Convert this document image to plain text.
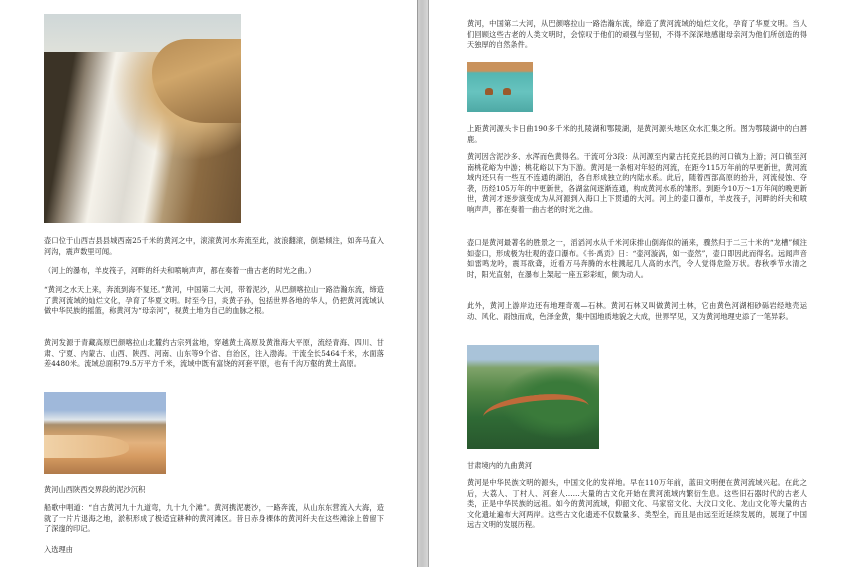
壶口位于山西吉县县城西南25千米的黄河之中，滚滚黄河水奔流至此，波浪翻滚，倒悬倾注，如奔马直入河沟，震声数里可闻。

（河上的瀑布，羊皮筏子，河畔的纤夫和喷响声声，都在奏着一曲古老的时光之曲。）

“黄河之水天上来，奔流到海不复还。”黄河，中国第二大河，带着泥沙，从巴颜喀拉山一路浩瀚东流，缔造了黄河流域的灿烂文化，孕育了华夏文明。时至今日，炎黄子孙，包括世界各地的华人，仍把黄河流域认做中华民族的摇篮，称黄河为“母亲河”，视黄土地为自己的血脉之根。

黄河发源于青藏高原巴颜喀拉山北麓约古宗列盆地，穿越黄土高原及黄淮海大平原，流经青海、四川、甘肃、宁夏、内蒙古、山西、陕西、河南、山东等9个省、自治区，注入渤海。干流全长5464千米，水面落差4480米。流域总面积79.5万平方千米，流域中既有富饶的河套平原，也有千沟万壑的黄土高原。

黄河山西陕西交界段的泥沙沉积

船歌中唱道：“自古黄河九十九道弯，九十九个滩”。黄河携泥裹沙，一路奔流，从山东东营流入大海，造就了一片片退海之地，淤积形成了极适宜耕种的黄河滩区。昔日赤身裸体的黄河纤夫在这些滩涂上曾留下了深邃的印记。

入选理由

黄河，中国第二大河，从巴颜喀拉山一路浩瀚东流，缔造了黄河流域的灿烂文化，孕育了华夏文明。当人们回顾这些古老的人类文明时，会惊叹于他们的顽强与坚韧，不得不深深地感谢母亲河为他们所创造的得天独厚的自然条件。

上距黄河源头卡日曲190多千米的扎陵湖和鄂陵湖，是黄河源头地区众水汇集之所。图为鄂陵湖中的白唇鹿。

黄河因含泥沙多、水浑而色黄得名。干流可分3段：从河源至内蒙古托克托县的河口镇为上游；河口镇至河南桃花峪为中游；桃花峪以下为下游。黄河是一条相对年轻的河流，在距今115万年前的早更新世，黄河流域内还只有一些互不连通的湖泊，各自形成独立的内陆水系。此后，随着西部高原的抬升，河流侵蚀、夺袭，历经105万年的中更新世，各湖盆间逐渐连通，构成黄河水系的雏形。到距今10万～1万年间的晚更新世，黄河才逐步演变成为从河源到入海口上下贯通的大河。河上的壶口瀑布，羊皮筏子，河畔的纤夫和喷响声声，都在奏着一曲古老的时光之曲。

壶口是黄河最著名的胜景之一，滔滔河水从千米河床排山倒海似的涌来，骤然归于二三十米的“龙槽”倾注如壶口，形成极为壮观的壶口瀑布。《书·禹贡》日：“壶河漩涡，如一壶然”，壶口即因此而得名。远闻声音如雷鸣龙吟，震耳欲聋，近看万马奔腾的水柱溅起几人高的水汽，令人觉得危险万状。春秋季节水清之时，阳光直射，在瀑布上架起一座五彩彩虹，颇为动人。

此外，黄河上游岸边还有地理奇观—石林。黄河石林又叫做黄河土林，它由黄色河湖相砂砾岩经地壳运动、风化、雨蚀而成，色泽金黄，集中国地质地貌之大成，世界罕见，又为黄河地理史添了一笔异彩。

甘肃境内的九曲黄河

黄河是中华民族文明的源头，中国文化的发祥地。早在110万年前，蓝田文明便在黄河流域兴起。在此之后，大荔人、丁村人、河套人……大量的古文化开始在黄河流域内繁衍生息。这些旧石器时代的古老人类，正是中华民族的远祖。如今的黄河流域，仰韶文化、马家窑文化、大汶口文化、龙山文化等大量的古文化遗址遍布大河两岸。这些古文化遗迹不仅数量多、类型全，而且是由远至近延续发展的，展现了中国远古文明的发展历程。
